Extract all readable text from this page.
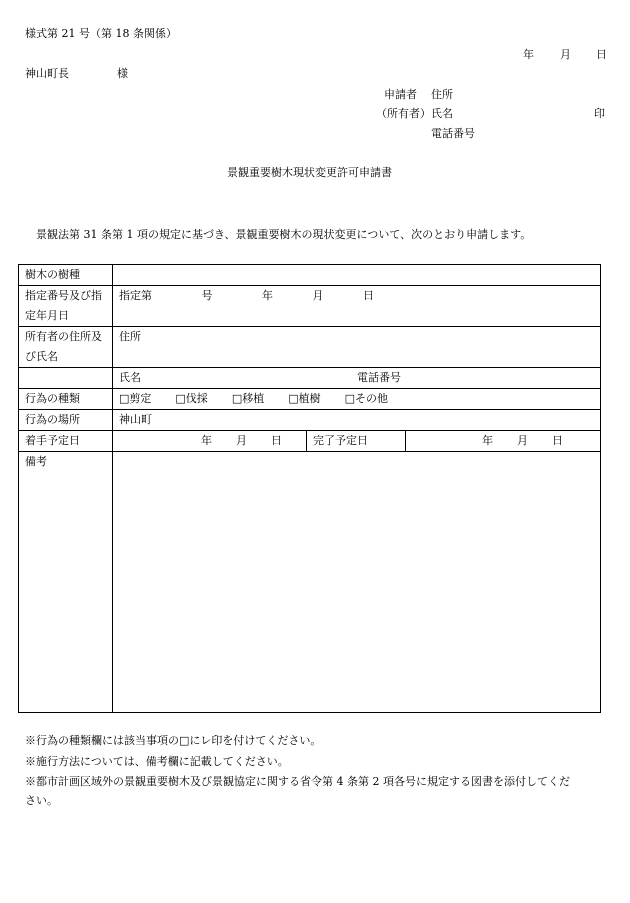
様式第 21 号（第 18 条関係）
年 月 日
神山町長	様
申請者 住所
（所有者） 氏名	印
電話番号
景観重要樹木現状変更許可申請書
景観法第 31 条第 1 項の規定に基づき、景観重要樹木の現状変更について、次のとおり申請します。
樹木の樹種			
指定番号及び指
定年月日	指定第 号 年 月 日		
所有者の住所及
び氏名	住所		
	氏名 電話番号		
行為の種類	□剪定 □伐採 □移植 □植樹 □その他		
行為の場所	神山町		
着手予定日	年 月 日	完了予定日	年 月 日
備考			
※行為の種類欄には該当事項の□にレ印を付けてください。
※施行方法については、備考欄に記載してください。
※都市計画区域外の景観重要樹木及び景観協定に関する省令第 4 条第 2 項各号に規定する図書を添付してくだ
さい。
